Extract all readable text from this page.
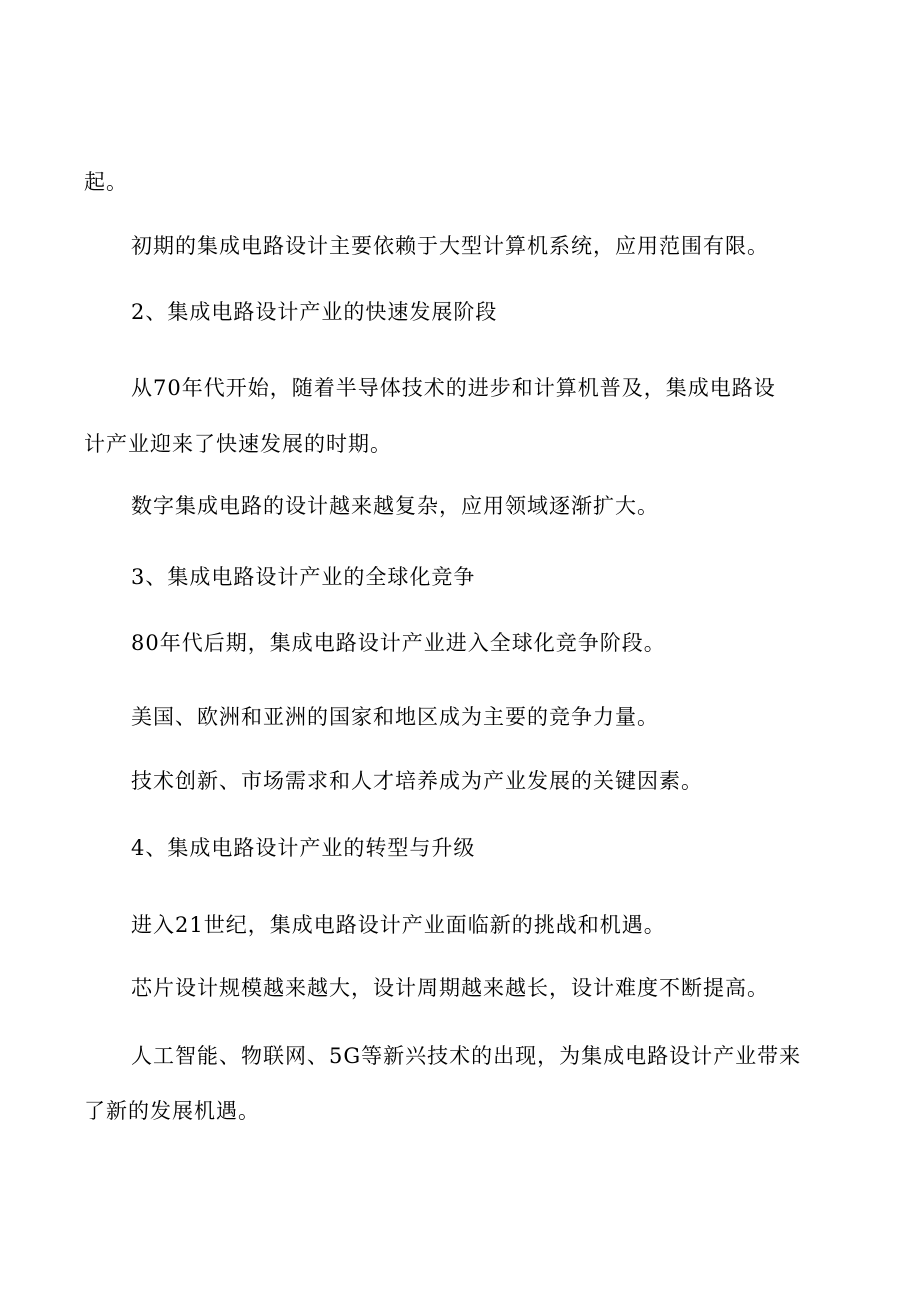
起。
初期的集成电路设计主要依赖于大型计算机系统，应用范围有限。
2、集成电路设计产业的快速发展阶段
从70年代开始，随着半导体技术的进步和计算机普及，集成电路设
计产业迎来了快速发展的时期。
数字集成电路的设计越来越复杂，应用领域逐渐扩大。
3、集成电路设计产业的全球化竞争
80年代后期，集成电路设计产业进入全球化竞争阶段。
美国、欧洲和亚洲的国家和地区成为主要的竞争力量。
技术创新、市场需求和人才培养成为产业发展的关键因素。
4、集成电路设计产业的转型与升级
进入21世纪，集成电路设计产业面临新的挑战和机遇。
芯片设计规模越来越大，设计周期越来越长，设计难度不断提高。
人工智能、物联网、5G等新兴技术的出现，为集成电路设计产业带来
了新的发展机遇。
